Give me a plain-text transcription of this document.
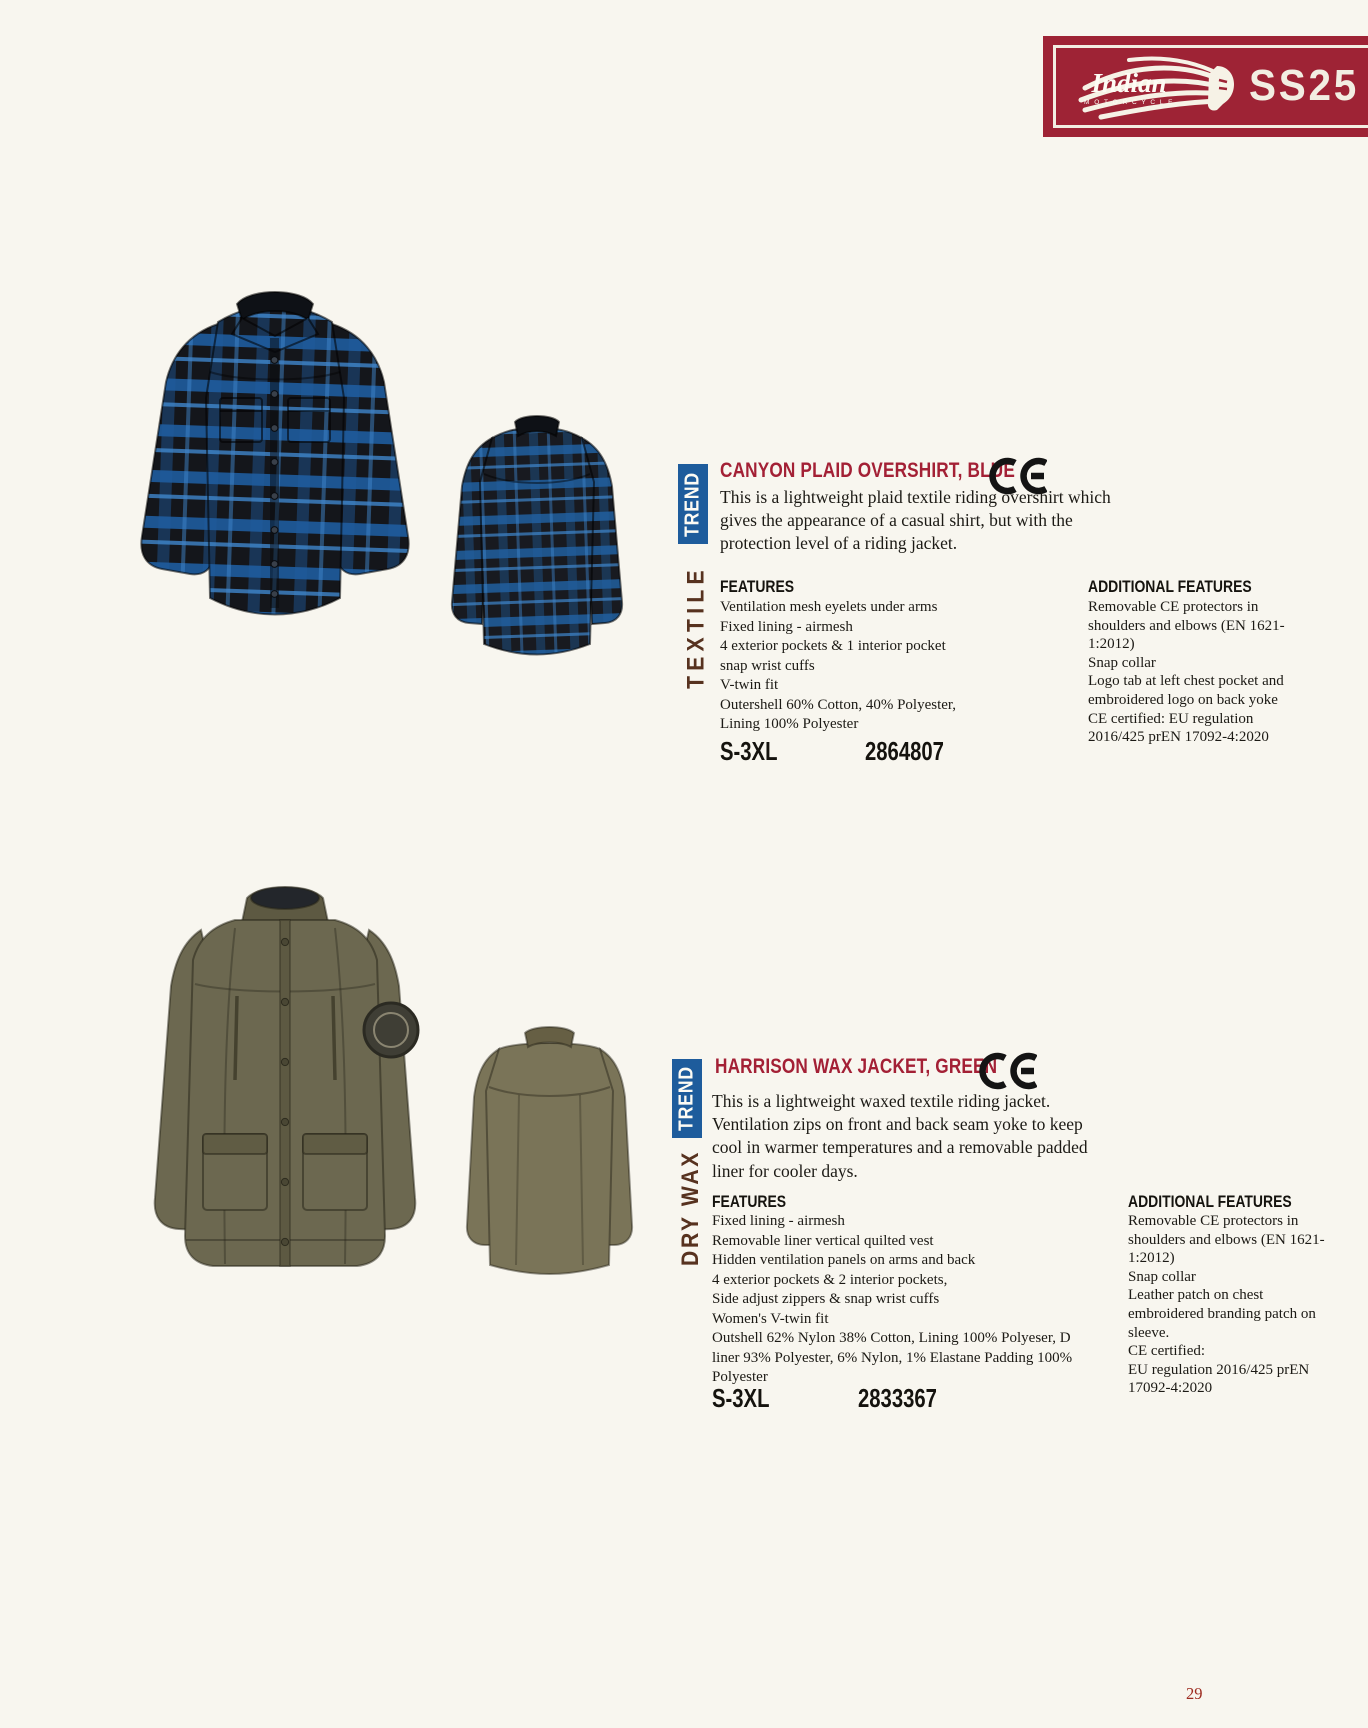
Indian
M O T O R C Y C L E SS25
TREND
TEXTILE
CANYON PLAID OVERSHIRT, BLUE

This is a lightweight plaid textile riding overshirt which gives the appearance of a casual shirt, but with the protection level of a riding jacket.

FEATURES
Ventilation mesh eyelets under arms
Fixed lining - airmesh
4 exterior pockets & 1 interior pocket
snap wrist cuffs
V-twin fit
Outershell 60% Cotton, 40% Polyester,
Lining 100% Polyester
ADDITIONAL FEATURES
Removable CE protectors in shoulders and elbows (EN 1621-1:2012)
Snap collar
Logo tab at left chest pocket and embroidered logo on back yoke
CE certified: EU regulation 2016/425 prEN 17092-4:2020
S-3XL	2864807
TREND
DRY WAX
HARRISON WAX JACKET, GREEN

This is a lightweight waxed textile riding jacket. Ventilation zips on front and back seam yoke to keep cool in warmer temperatures and a removable padded liner for cooler days.

FEATURES
Fixed lining - airmesh
Removable liner vertical quilted vest
Hidden ventilation panels on arms and back
4 exterior pockets & 2 interior pockets,
Side adjust zippers & snap wrist cuffs
Women's V-twin fit
Outshell 62% Nylon 38% Cotton, Lining 100% Polyeser, D
liner 93% Polyester, 6% Nylon, 1% Elastane Padding 100%
Polyester
ADDITIONAL FEATURES
Removable CE protectors in shoulders and elbows (EN 1621-1:2012)
Snap collar
Leather patch on chest embroidered branding patch on sleeve.
CE certified:
EU regulation 2016/425 prEN 17092-4:2020
S-3XL	2833367
29
